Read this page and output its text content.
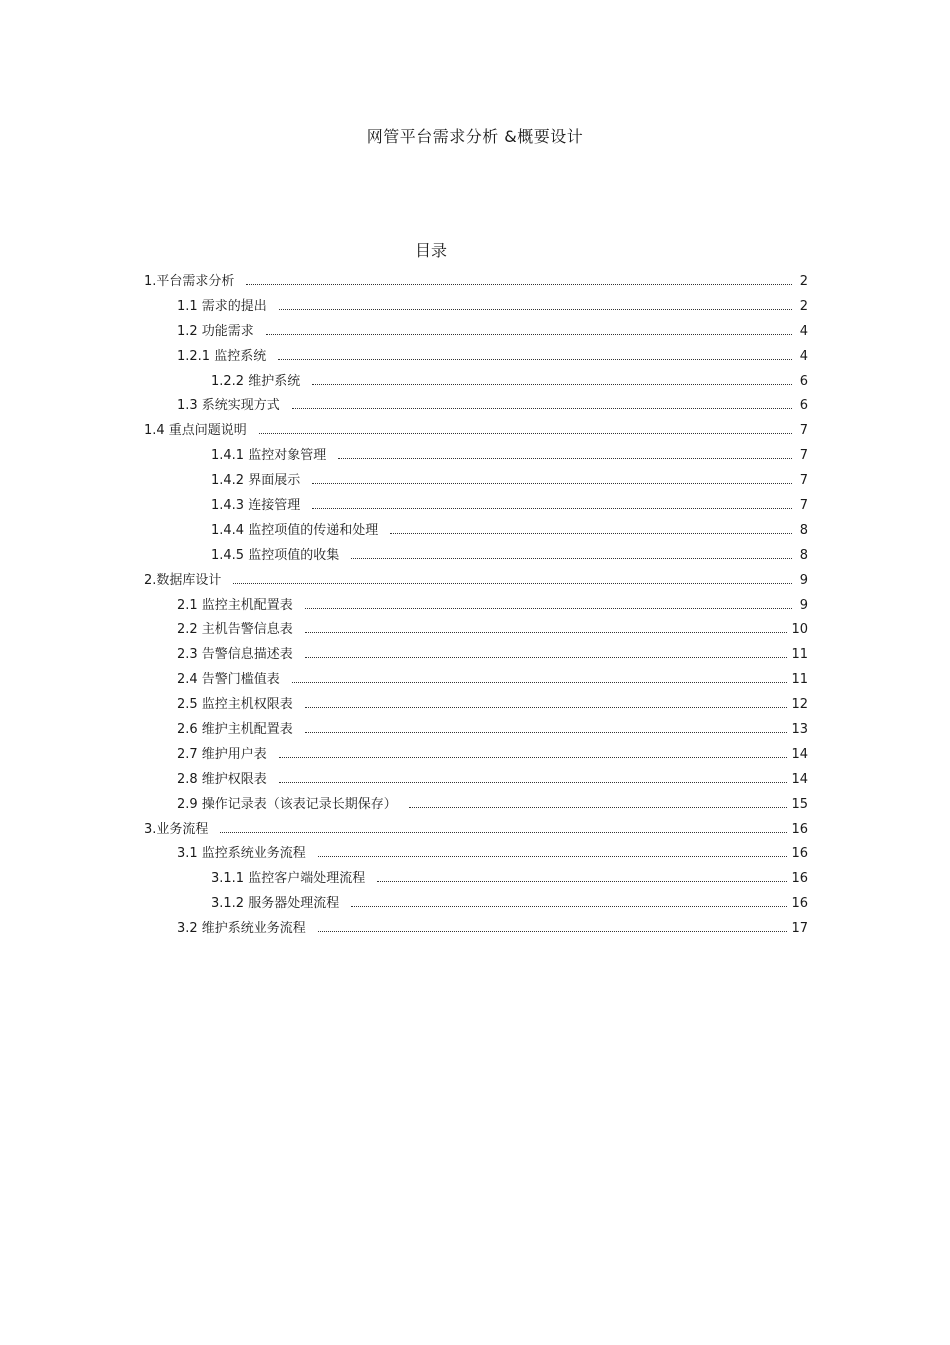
网管平台需求分析 &概要设计
目录
1.平台需求分析	2
1.1 需求的提出	2
1.2 功能需求	4
1.2.1 监控系统	4
1.2.2 维护系统	6
1.3 系统实现方式	6
1.4 重点问题说明	7
1.4.1 监控对象管理	7
1.4.2 界面展示	7
1.4.3 连接管理	7
1.4.4 监控项值的传递和处理	8
1.4.5 监控项值的收集	8
2.数据库设计	9
2.1 监控主机配置表	9
2.2 主机告警信息表	10
2.3 告警信息描述表	11
2.4 告警门槛值表	11
2.5 监控主机权限表	12
2.6 维护主机配置表	13
2.7 维护用户表	14
2.8 维护权限表	14
2.9 操作记录表（该表记录长期保存）	15
3.业务流程	16
3.1 监控系统业务流程	16
3.1.1 监控客户端处理流程	16
3.1.2 服务器处理流程	16
3.2 维护系统业务流程	17
